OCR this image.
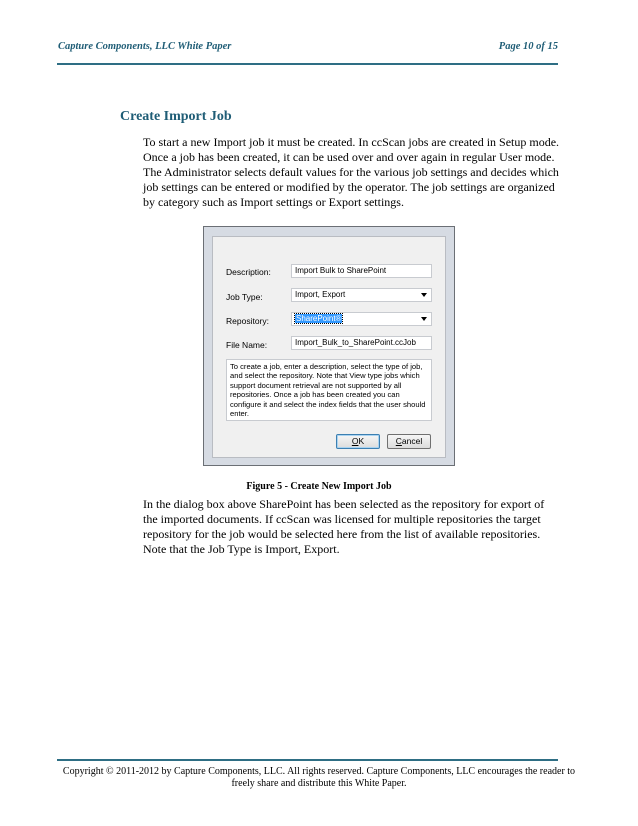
Capture Components, LLC White Paper	Page 10 of 15
Create Import Job

To start a new Import job it must be created. In ccScan jobs are created in Setup mode. Once a job has been created, it can be used over and over again in regular User mode. The Administrator selects default values for the various job settings and decides which job settings can be entered or modified by the operator. The job settings are organized by category such as Import settings or Export settings.

Description:	Import Bulk to SharePoint
Job Type:	Import, Export
Repository:	SharePoint®
File Name:	Import_Bulk_to_SharePoint.ccJob
To create a job, enter a description, select the type of job, and select the repository. Note that View type jobs which support document retrieval are not supported by all repositories. Once a job has been created you can configure it and select the index fields that the user should enter.
OK	Cancel
Figure 5 - Create New Import Job

In the dialog box above SharePoint has been selected as the repository for export of the imported documents. If ccScan was licensed for multiple repositories the target repository for the job would be selected here from the list of available repositories. Note that the Job Type is Import, Export.

Copyright © 2011-2012 by Capture Components, LLC. All rights reserved. Capture Components, LLC encourages the reader to freely share and distribute this White Paper.
